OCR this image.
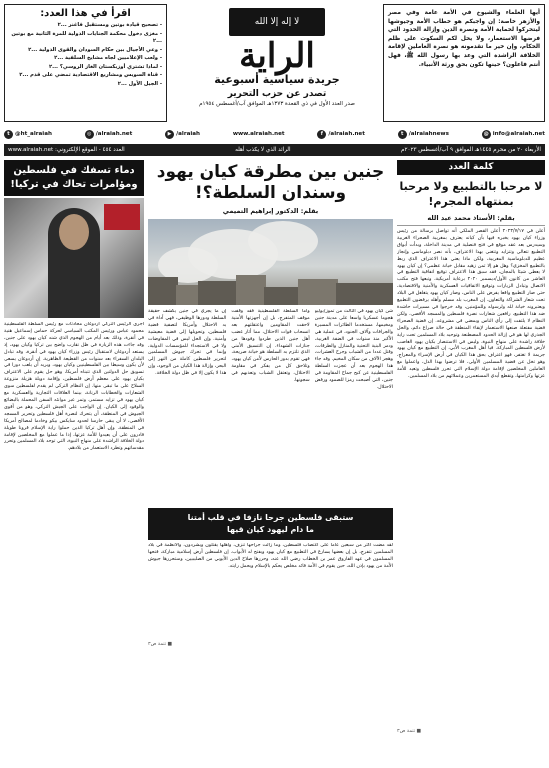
أيها العلماء والشيوخ في الأمة عامة وفي مصر والأزهر خاصة: إن واجبكم هو خطاب الأمة وجيوشها ليتحركوا لحماية الأمة ونصرة الدين وإزالة الحدود التي فرضها الاستعمار، ولا يحل لكم السكوت على ظلم الحكام، وإن خير ما تقدمونه هو نصرة العاملين لإقامة الخلافة الراشدة التي وعد بها رسول الله ﷺ، فهل أنتم فاعلون؟ حينها تكون بحق ورثة الأنبياء.
لا إله إلا الله
الراية
جريدة سياسية أسبوعية
تصدر عن حزب التحرير
صدر العدد الأول في ذي القعدة ١٣٧٣هـ الموافق آب/أغسطس ١٩٥٤م
اقرأ في هذا العدد:
- تصحيح قيادة بوتين ومستقبل فاغنر ...٢
- مغزى دخول محكمة الجنايات الدولية للمرة الثانية مع بوتين ...٢
- وعي الأجيال بين حكام السودان والقوى الدولية ...٢
- ولعب الإعلاميين لجاه مشايخ السلفية ...٢
- لماذا تشتري أوزبكستان الغاز الروسي؟ ...٢
- قناة السويس ومشاريع الاقتصادية تمضي على قدم ...٢
- الجيل الأول ...٢
t @ht_alraiah	◎ /alraiah.net	▶ /alraiah	www.alraiah.net	f /alraiah.net	t /alraiahnews	@ info@alraiah.net
الأربعاء ٢٠ من محرم ١٤٤٥هـ الموافق ٩ آب/أغسطس ٢٠٢٣م
الرائد الذي لا يكذب أهله
العدد ٤٥٤ - الموقع الإلكتروني: www.alraiah.net
كلمة العدد
لا مرحبا بالتطبيع ولا مرحبا بمنتهاه المجرم!
بقلم: الأستاذ محمد عبد الله
أعلن في ٢٠٢٣/٧/١٧ أعلن القصر الملكي أنه تواصل برسالة من رئيس وزراء كيان يهود يخبره فيها بأن كيانه يعترف بمغربية الصحراء الغربية وسيدرس بعد عقد موقع في فتح قنصلية في مدينة الداخلة، وبدأت أبواق التطبيع تتعالى وتتزايد وتتغنى بهذا الاعتراف، بأنه نصر دبلوماسي وإنجاز عظيم للدبلوماسية المغربية، ولكن ماذا يعني هذا الاعتراف الذي ربط بالتطبيع المخزي؟ وهل هو إلا ثمن زهيد مقابل خيانة عظمى؟ إن كيان يهود لا يعطي شيئا بالمجان، فقد سبق هذا الاعتراف توقيع اتفاقية التطبيع في العاشر من كانون الأول/ديسمبر ٢٠٢٠ برعاية أمريكية، وتبعها فتح مكتب الاتصال وتبادل الزيارات وتوقيع الاتفاقيات العسكرية والأمنية والاقتصادية، حتى صار التطبيع واقعا يفرض على الناس، وصار كيان يهود يتغلغل في البلاد تحت شعار الشراكة والتعاون. إن المغرب بلد مسلم وأهله يرفضون التطبيع ويعتبرونه خيانة لله ولرسوله وللمؤمنين، وقد خرجوا في مسيرات حاشدة ضد هذا التطبيع، رافعين شعارات نصرة فلسطين والمسجد الأقصى، ولكن النظام لا يلتفت إلى رأي الناس ويمضي في مشروعه. إن قضية الصحراء قضية مفتعلة صنعها الاستعمار لإبقاء المنطقة في حالة صراع دائم، والحل الجذري لها هو في إزالة الحدود المصطنعة وتوحيد بلاد المسلمين تحت راية خلافة راشدة على منهاج النبوة، وليس في الاستنصار بكيان يهود الغاصب لأرض فلسطين المباركة. فيا أهل المغرب الأبي، إن التطبيع مع كيان يهود جريمة لا تغتفر، فهو اعتراف بحق هذا الكيان في أرض الإسراء والمعراج، وهو تخل عن قضية المسلمين الأولى، فلا ترضوا بهذا الذل، واعملوا مع العاملين المخلصين لإقامة دولة الإسلام التي تحرر فلسطين وتعيد للأمة عزتها وكرامتها، وتقطع أيدي المستعمرين وعملائهم من بلاد المسلمين.
■ تتمة ص٣
جنين بين مطرقة كيان يهود وسندان السلطة؟!
بقلم: الدكتور إبراهيم التميمي
شن كيان يهود في الثالث من تموز/يوليو هجوما عسكريا واسعا على مدينة جنين ومخيمها، مستخدما الطائرات المسيرة والجرافات وآلاف الجنود، في عملية هي الأكبر منذ سنوات في الضفة الغربية، ودمر البنية التحتية والمنازل والطرقات، وقتل عددا من الشباب وجرح العشرات، وهجر الآلاف من سكان المخيم. وقد جاء هذا الهجوم بعد أن عجزت السلطة الفلسطينية عن كبح جماح المقاومة في جنين، التي أصبحت رمزا للصمود ورفض الاحتلال.
وأما السلطة الفلسطينية فقد وقفت موقف المتفرج، بل إن أجهزتها الأمنية لاحقت المقاومين واعتقلتهم بعد انسحاب قوات الاحتلال، مما أثار غضب أهل جنين الذين طردوا وفودها من جنازات الشهداء. إن التنسيق الأمني الذي تلتزم به السلطة هو خيانة صريحة، فهي تقوم بدور الحارس لأمن كيان يهود، وتلاحق كل من يفكر في مقاومة الاحتلال، وتعتقل الشباب وتعذبهم في سجونها.
إن ما يجري في جنين يكشف حقيقة السلطة ودورها الوظيفي، فهي أداة في يد الاحتلال وأمريكا لتصفية قضية فلسطين، وتحويلها إلى قضية معيشية وأمنية. وإن الحل ليس في المفاوضات ولا في الاستجداء للمؤسسات الدولية، وإنما في تحرك جيوش المسلمين لتحرير فلسطين كاملة من النهر إلى البحر، وإزالة هذا الكيان من الوجود، وإن هذا لا يكون إلا في ظل دولة الخلافة.
ستبقى فلسطين جرحا نازفا في قلب أمتنا
ما دام ليهود كيان قيها
لقد مضت أكثر من سبعين عاما على اغتصاب فلسطين، وما زالت جراحها تنزف، وأهلها يقتلون ويشردون، والأنظمة في بلاد المسلمين تتفرج، بل إن بعضها يسارع في التطبيع مع كيان يهود ويفتح له الأبواب. إن فلسطين أرض إسلامية مباركة، فتحها المسلمون في عهد الفاروق عمر بن الخطاب رضي الله عنه، وحررها صلاح الدين الأيوبي من الصليبيين، وستحررها جيوش الأمة من يهود بإذن الله، حين يقوم في الأمة قائد مخلص يحكم بالإسلام ويحمل رايته.
■ تتمة ص٣
دماء تسفك في فلسطين ومؤامرات تحاك في تركيا!
أجرى الرئيس التركي أردوغان محادثات مع رئيس السلطة الفلسطينية محمود عباس ورئيس المكتب السياسي لحركة حماس إسماعيل هنية في أنقرة، وذلك بعد أيام من الهجوم الذي شنه كيان يهود على جنين، وقد جاءت هذه الزيارة في ظل تقارب واضح بين تركيا وكيان يهود، إذ يستعد أردوغان لاستقبال رئيس وزراء كيان يهود في أنقرة، وقد تبادل البلدان السفراء بعد سنوات من القطيعة الظاهرية. إن أردوغان يسعى لأن يكون وسيطا بين الفلسطينيين وكيان يهود، ويريد أن يلعب دورا في تسويق حل الدولتين الذي تتبناه أمريكا، وهو حل يقوم على الاعتراف بكيان يهود على معظم أرض فلسطين، وإقامة دويلة هزيلة منزوعة السلاح على ما تبقى منها. إن النظام التركي لم يقدم لفلسطين سوى الشعارات والخطابات الرنانة، بينما العلاقات التجارية والعسكرية مع كيان يهود في تزايد مستمر، وتمر عبر موانئه السفن المحملة بالبضائع والوقود إلى الكيان. إن الواجب على الجيش التركي، وهو من أقوى الجيوش في المنطقة، أن يتحرك لنصرة أهل فلسطين وتحرير المسجد الأقصى، لا أن يبقى حارسا لحدود سايكس بيكو وخادما لمصالح أمريكا في المنطقة. وإن أهل تركيا الذين حملوا راية الإسلام قرونا طويلة قادرون على أن يعيدوا للأمة عزتها، إذا ما عملوا مع المخلصين لإقامة دولة الخلافة الراشدة على منهاج النبوة، التي توحد بلاد المسلمين وتحرر مقدساتهم وتطرد الاستعمار من بلادهم.
